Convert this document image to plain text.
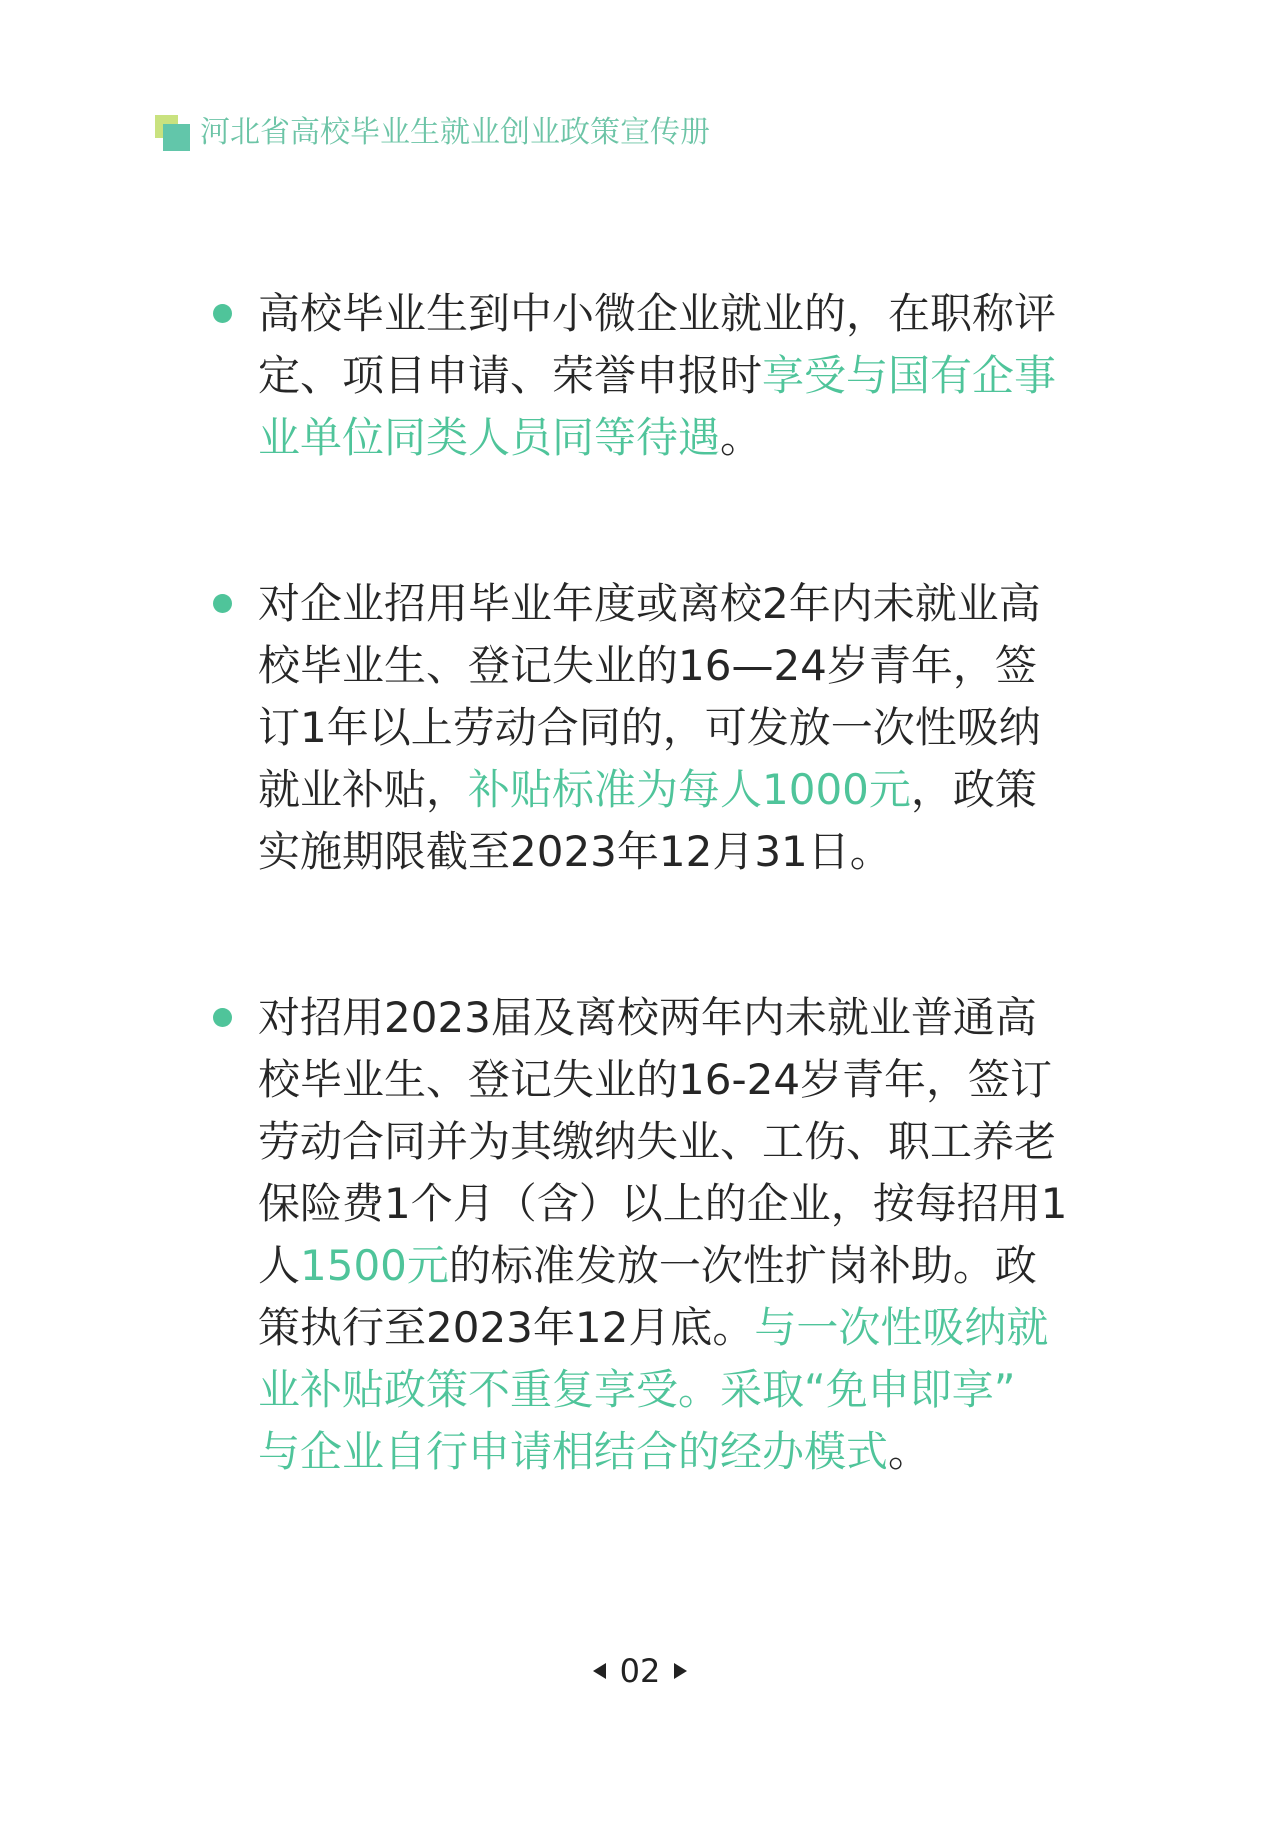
河北省高校毕业生就业创业政策宣传册
高校毕业生到中小微企业就业的，在职称评
定、项目申请、荣誉申报时享受与国有企事
业单位同类人员同等待遇。
对企业招用毕业年度或离校2年内未就业高
校毕业生、登记失业的16—24岁青年，签
订1年以上劳动合同的，可发放一次性吸纳
就业补贴，补贴标准为每人1000元，政策
实施期限截至2023年12月31日。
对招用2023届及离校两年内未就业普通高
校毕业生、登记失业的16-24岁青年，签订
劳动合同并为其缴纳失业、工伤、职工养老
保险费1个月（含）以上的企业，按每招用1
人1500元的标准发放一次性扩岗补助。政
策执行至2023年12月底。与一次性吸纳就
业补贴政策不重复享受。采取“免申即享”
与企业自行申请相结合的经办模式。
02
